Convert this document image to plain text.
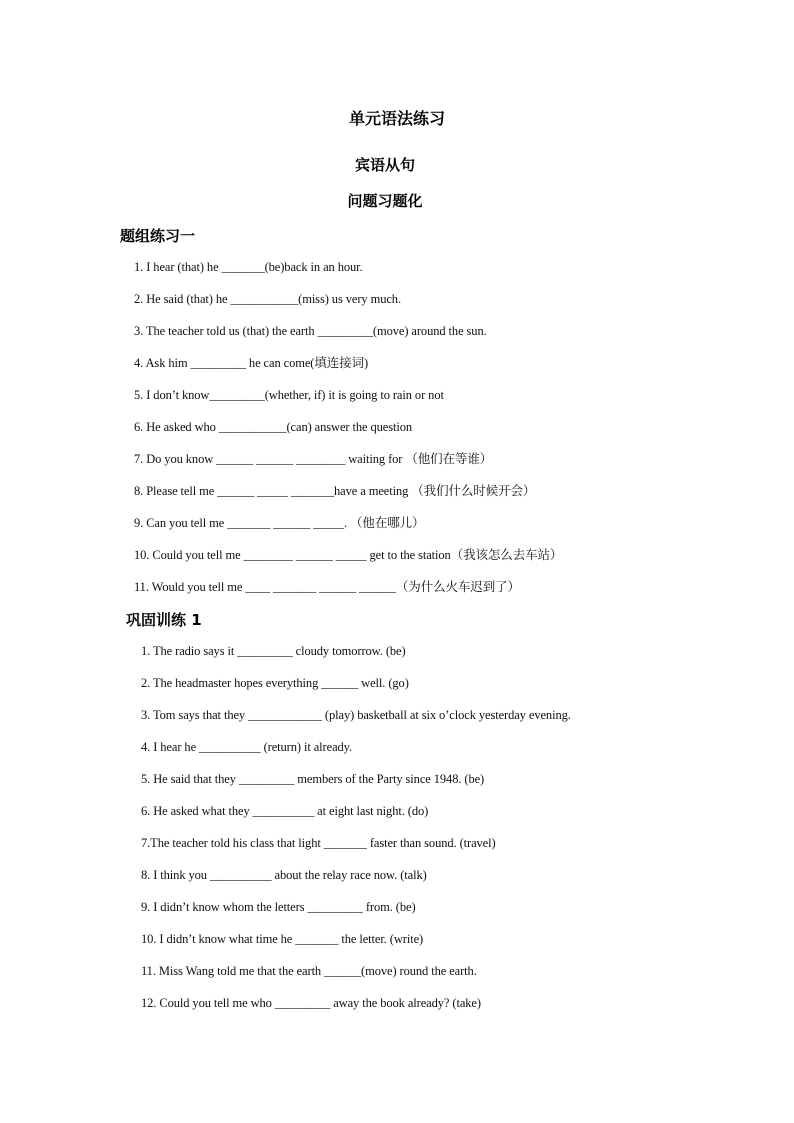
单元语法练习
宾语从句
问题习题化
题组练习一
1. I hear (that) he _______(be)back in an hour.
2. He said (that) he ___________(miss) us very much.
3. The teacher told us (that) the earth _________(move) around the sun.
4. Ask him _________ he can come(填连接词)
5. I don’t know_________(whether, if) it is going to rain or not
6. He asked who ___________(can) answer the question
7. Do you know ______ ______ ________ waiting for （他们在等谁）
8. Please tell me ______ _____ _______have a meeting （我们什么时候开会）
9. Can you tell me _______ ______ _____. （他在哪儿）
10. Could you tell me ________ ______ _____ get to the station（我该怎么去车站）
11. Would you tell me ____ _______ ______ ______（为什么火车迟到了）
巩固训练 1
1. The radio says it _________ cloudy tomorrow. (be)
2. The headmaster hopes everything ______ well. (go)
3. Tom says that they ____________ (play) basketball at six o’clock yesterday evening.
4. I hear he __________ (return) it already.
5. He said that they _________ members of the Party since 1948. (be)
6. He asked what they __________ at eight last night. (do)
7.The teacher told his class that light _______ faster than sound. (travel)
8. I think you __________ about the relay race now. (talk)
9. I didn’t know whom the letters _________ from. (be)
10. I didn’t know what time he _______ the letter. (write)
11. Miss Wang told me that the earth ______(move) round the earth.
12. Could you tell me who _________ away the book already? (take)
